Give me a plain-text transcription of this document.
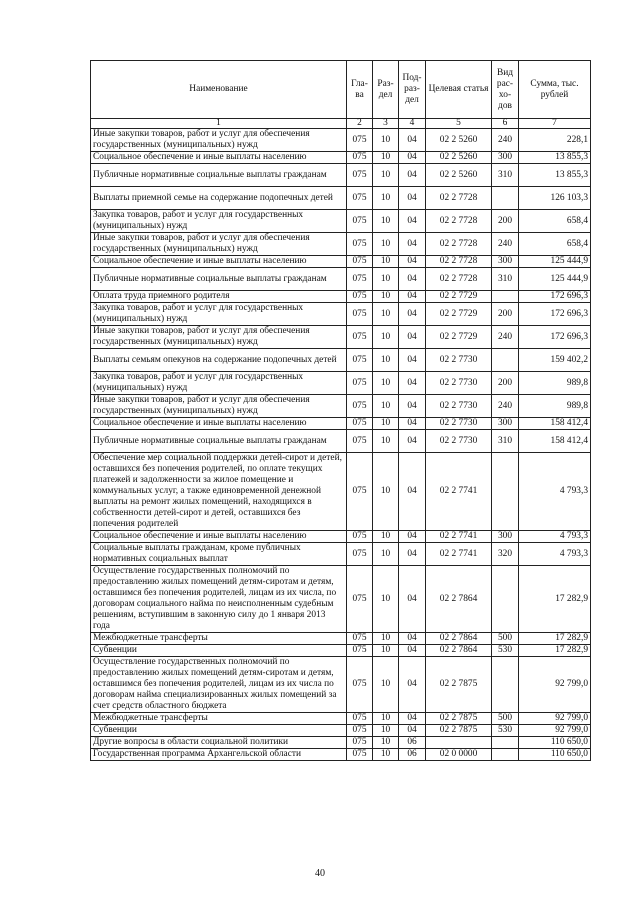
Наименование	Гла-ва	Раз-дел	Под-раз-дел	Целевая статья	Вид рас-хо-дов	Сумма, тыс. рублей
1	2	3	4	5	6	7
Иные закупки товаров, работ и услуг для обеспечения государственных (муниципальных) нужд	075	10	04	02 2 5260	240	228,1
Социальное обеспечение и иные выплаты населению	075	10	04	02 2 5260	300	13 855,3
Публичные нормативные социальные выплаты гражданам	075	10	04	02 2 5260	310	13 855,3
Выплаты приемной семье на содержание подопечных детей	075	10	04	02 2 7728		126 103,3
Закупка товаров, работ и услуг для государственных (муниципальных) нужд	075	10	04	02 2 7728	200	658,4
Иные закупки товаров, работ и услуг для обеспечения государственных (муниципальных) нужд	075	10	04	02 2 7728	240	658,4
Социальное обеспечение и иные выплаты населению	075	10	04	02 2 7728	300	125 444,9
Публичные нормативные социальные выплаты гражданам	075	10	04	02 2 7728	310	125 444,9
Оплата труда приемного родителя	075	10	04	02 2 7729		172 696,3
Закупка товаров, работ и услуг для государственных (муниципальных) нужд	075	10	04	02 2 7729	200	172 696,3
Иные закупки товаров, работ и услуг для обеспечения государственных (муниципальных) нужд	075	10	04	02 2 7729	240	172 696,3
Выплаты семьям опекунов на содержание подопечных детей	075	10	04	02 2 7730		159 402,2
Закупка товаров, работ и услуг для государственных (муниципальных) нужд	075	10	04	02 2 7730	200	989,8
Иные закупки товаров, работ и услуг для обеспечения государственных (муниципальных) нужд	075	10	04	02 2 7730	240	989,8
Социальное обеспечение и иные выплаты населению	075	10	04	02 2 7730	300	158 412,4
Публичные нормативные социальные выплаты гражданам	075	10	04	02 2 7730	310	158 412,4
Обеспечение мер социальной поддержки детей-сирот и детей, оставшихся без попечения родителей, по оплате текущих платежей и задолженности за жилое помещение и коммунальных услуг, а также единовременной денежной выплаты на ремонт жилых помещений, находящихся в собственности детей-сирот и детей, оставшихся без попечения родителей	075	10	04	02 2 7741		4 793,3
Социальное обеспечение и иные выплаты населению	075	10	04	02 2 7741	300	4 793,3
Социальные выплаты гражданам, кроме публичных нормативных социальных выплат	075	10	04	02 2 7741	320	4 793,3
Осуществление государственных полномочий по предоставлению жилых помещений детям-сиротам и детям, оставшимся без попечения родителей, лицам из их числа, по договорам социального найма по неисполненным судебным решениям, вступившим в законную силу до 1 января 2013 года	075	10	04	02 2 7864		17 282,9
Межбюджетные трансферты	075	10	04	02 2 7864	500	17 282,9
Субвенции	075	10	04	02 2 7864	530	17 282,9
Осуществление государственных полномочий по предоставлению жилых помещений детям-сиротам и детям, оставшимся без попечения родителей, лицам из их числа по договорам найма специализированных жилых помещений за счет средств областного бюджета	075	10	04	02 2 7875		92 799,0
Межбюджетные трансферты	075	10	04	02 2 7875	500	92 799,0
Субвенции	075	10	04	02 2 7875	530	92 799,0
Другие вопросы в области социальной политики	075	10	06			110 650,0
Государственная программа Архангельской области	075	10	06	02 0 0000		110 650,0
40
